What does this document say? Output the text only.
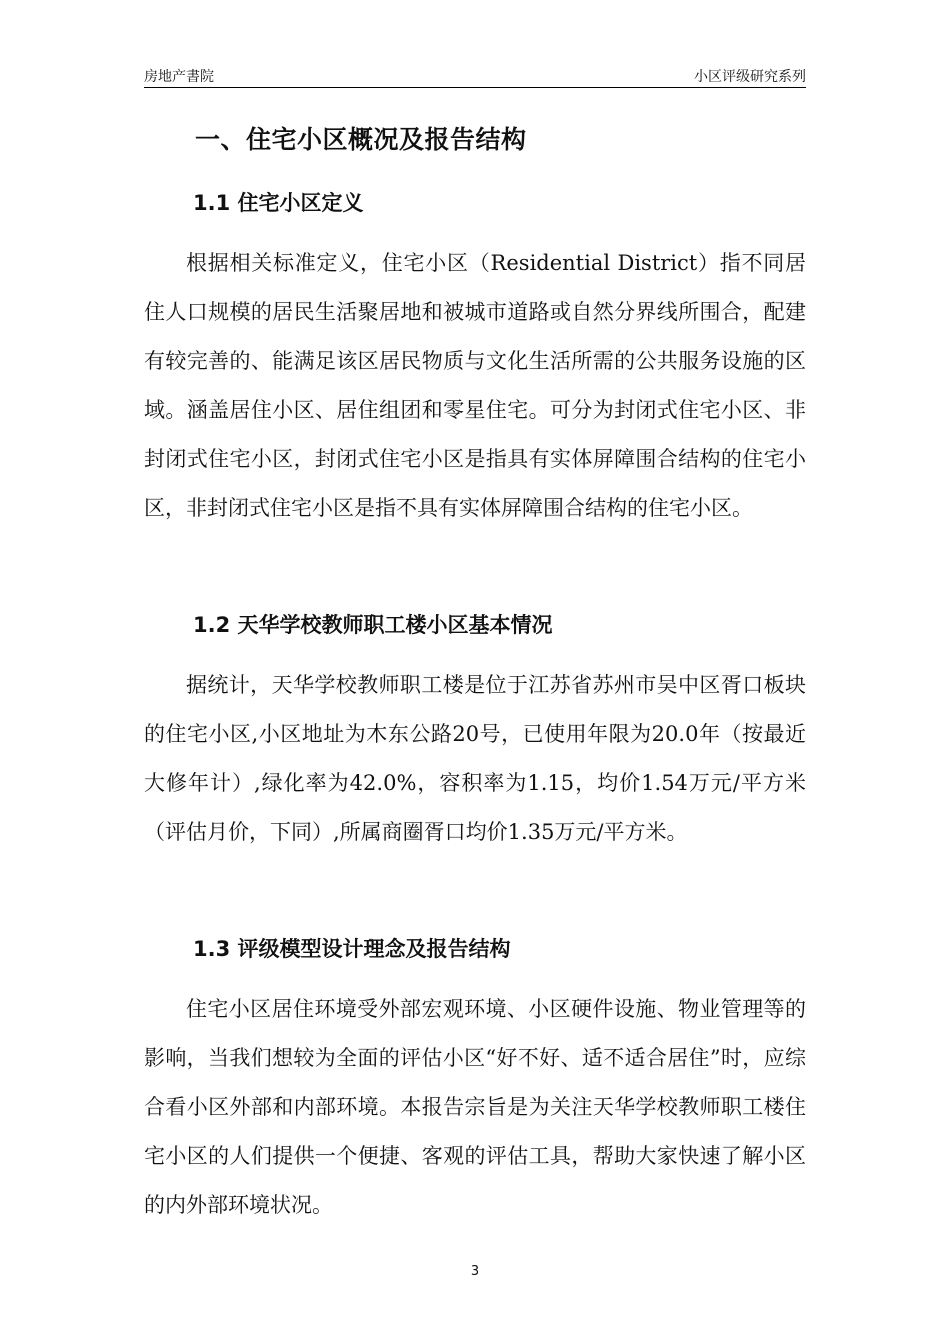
房地产書院	小区评级研究系列
一、住宅小区概况及报告结构
1.1 住宅小区定义

根据相关标准定义，住宅小区（Residential District）指不同居住人口规模的居民生活聚居地和被城市道路或自然分界线所围合，配建有较完善的、能满足该区居民物质与文化生活所需的公共服务设施的区域。涵盖居住小区、居住组团和零星住宅。可分为封闭式住宅小区、非封闭式住宅小区，封闭式住宅小区是指具有实体屏障围合结构的住宅小区，非封闭式住宅小区是指不具有实体屏障围合结构的住宅小区。

1.2 天华学校教师职工楼小区基本情况

据统计，天华学校教师职工楼是位于江苏省苏州市吴中区胥口板块的住宅小区,小区地址为木东公路20号，已使用年限为20.0年（按最近大修年计）,绿化率为42.0%，容积率为1.15，均价1.54万元/平方米（评估月价，下同）,所属商圈胥口均价1.35万元/平方米。

1.3 评级模型设计理念及报告结构

住宅小区居住环境受外部宏观环境、小区硬件设施、物业管理等的影响，当我们想较为全面的评估小区“好不好、适不适合居住”时，应综合看小区外部和内部环境。本报告宗旨是为关注天华学校教师职工楼住宅小区的人们提供一个便捷、客观的评估工具，帮助大家快速了解小区的内外部环境状况。

3
